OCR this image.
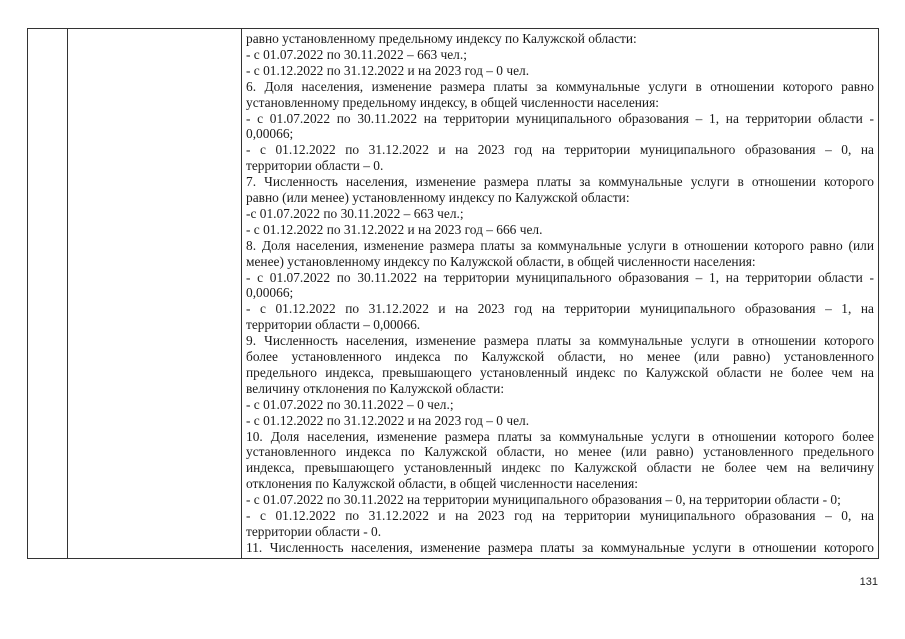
равно установленному предельному индексу по Калужской области:
- с 01.07.2022 по 30.11.2022 – 663 чел.;
- с 01.12.2022 по 31.12.2022 и на 2023 год – 0 чел.
6. Доля населения, изменение размера платы за коммунальные услуги в отношении которого равно
установленному предельному индексу, в общей численности населения:
- с 01.07.2022 по 30.11.2022 на территории муниципального образования – 1, на территории области -
0,00066;
- с 01.12.2022 по 31.12.2022 и на 2023 год на территории муниципального образования – 0, на
территории области – 0.
7. Численность населения, изменение размера платы за коммунальные услуги в отношении которого
равно (или менее) установленному индексу по Калужской области:
-с 01.07.2022 по 30.11.2022 – 663 чел.;
- с 01.12.2022 по 31.12.2022 и на 2023 год – 666 чел.
8. Доля населения, изменение размера платы за коммунальные услуги в отношении которого равно (или
менее) установленному индексу по Калужской области, в общей численности населения:
- с 01.07.2022 по 30.11.2022 на территории муниципального образования – 1, на территории области -
0,00066;
- с 01.12.2022 по 31.12.2022 и на 2023 год на территории муниципального образования – 1, на
территории области – 0,00066.
9. Численность населения, изменение размера платы за коммунальные услуги в отношении которого
более установленного индекса по Калужской области, но менее (или равно) установленного
предельного индекса, превышающего установленный индекс по Калужской области не более чем на
величину отклонения по Калужской области:
- с 01.07.2022 по 30.11.2022 – 0 чел.;
- с 01.12.2022 по 31.12.2022 и на 2023 год – 0 чел.
10. Доля населения, изменение размера платы за коммунальные услуги в отношении которого более
установленного индекса по Калужской области, но менее (или равно) установленного предельного
индекса, превышающего установленный индекс по Калужской области не более чем на величину
отклонения по Калужской области, в общей численности населения:
- с 01.07.2022 по 30.11.2022 на территории муниципального образования – 0, на территории области - 0;
- с 01.12.2022 по 31.12.2022 и на 2023 год на территории муниципального образования – 0, на
территории области - 0.
11. Численность населения, изменение размера платы за коммунальные услуги в отношении которого
131
